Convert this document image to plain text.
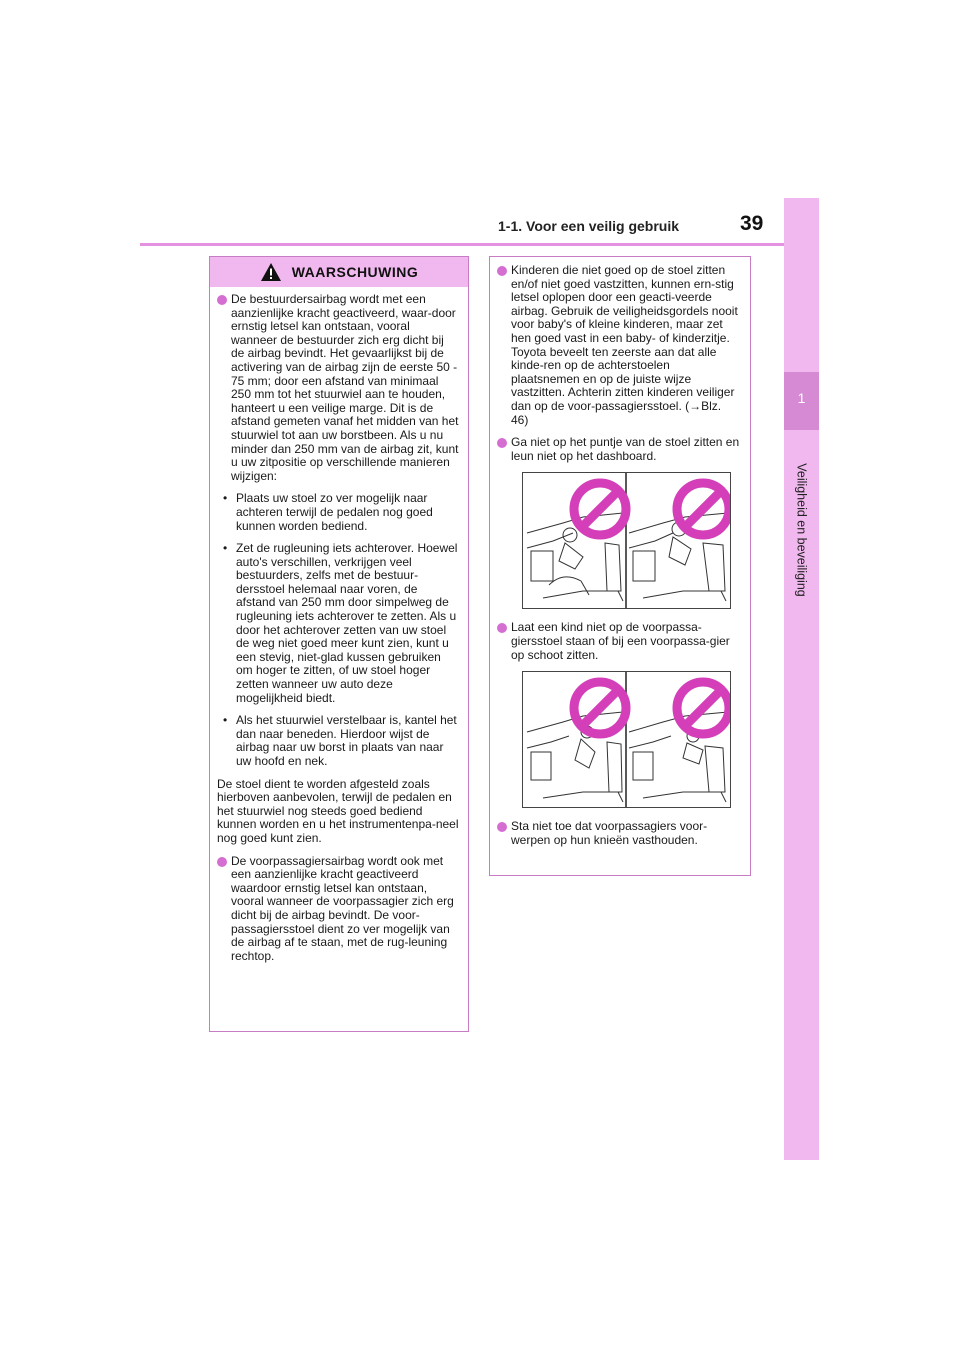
1
Veiligheid en beveiliging
1-1. Voor een veilig gebruik	39
WAARSCHUWING
De bestuurdersairbag wordt met een aanzienlijke kracht geactiveerd, waar-door ernstig letsel kan ontstaan, vooral wanneer de bestuurder zich erg dicht bij de airbag bevindt. Het gevaarlijkst bij de activering van de airbag zijn de eerste 50 - 75 mm; door een afstand van minimaal 250 mm tot het stuurwiel aan te houden, hanteert u een veilige marge. Dit is de afstand gemeten vanaf het midden van het stuurwiel tot aan uw borstbeen. Als u nu minder dan 250 mm van de airbag zit, kunt u uw zitpositie op verschillende manieren wijzigen:
• Plaats uw stoel zo ver mogelijk naar achteren terwijl de pedalen nog goed kunnen worden bediend.
• Zet de rugleuning iets achterover. Hoewel auto's verschillen, verkrijgen veel bestuurders, zelfs met de bestuur-dersstoel helemaal naar voren, de afstand van 250 mm door simpelweg de rugleuning iets achterover te zetten. Als u door het achterover zetten van uw stoel de weg niet goed meer kunt zien, kunt u een stevig, niet-glad kussen gebruiken om hoger te zitten, of uw stoel hoger zetten wanneer uw auto deze mogelijkheid biedt.
• Als het stuurwiel verstelbaar is, kantel het dan naar beneden. Hierdoor wijst de airbag naar uw borst in plaats van naar uw hoofd en nek.
De stoel dient te worden afgesteld zoals hierboven aanbevolen, terwijl de pedalen en het stuurwiel nog steeds goed bediend kunnen worden en u het instrumentenpa-neel nog goed kunt zien.
De voorpassagiersairbag wordt ook met een aanzienlijke kracht geactiveerd waardoor ernstig letsel kan ontstaan, vooral wanneer de voorpassagier zich erg dicht bij de airbag bevindt. De voor-passagiersstoel dient zo ver mogelijk van de airbag af te staan, met de rug-leuning rechtop.
Kinderen die niet goed op de stoel zitten en/of niet goed vastzitten, kunnen ern-stig letsel oplopen door een geacti-veerde airbag. Gebruik de veiligheidsgordels nooit voor baby's of kleine kinderen, maar zet hen goed vast in een baby- of kinderzitje. Toyota beveelt ten zeerste aan dat alle kinde-ren op de achterstoelen plaatsnemen en op de juiste wijze vastzitten. Achterin zitten kinderen veiliger dan op de voor-passagiersstoel. (→Blz. 46)
Ga niet op het puntje van de stoel zitten en leun niet op het dashboard.
Laat een kind niet op de voorpassa-giersstoel staan of bij een voorpassa-gier op schoot zitten.
Sta niet toe dat voorpassagiers voor-werpen op hun knieën vasthouden.
